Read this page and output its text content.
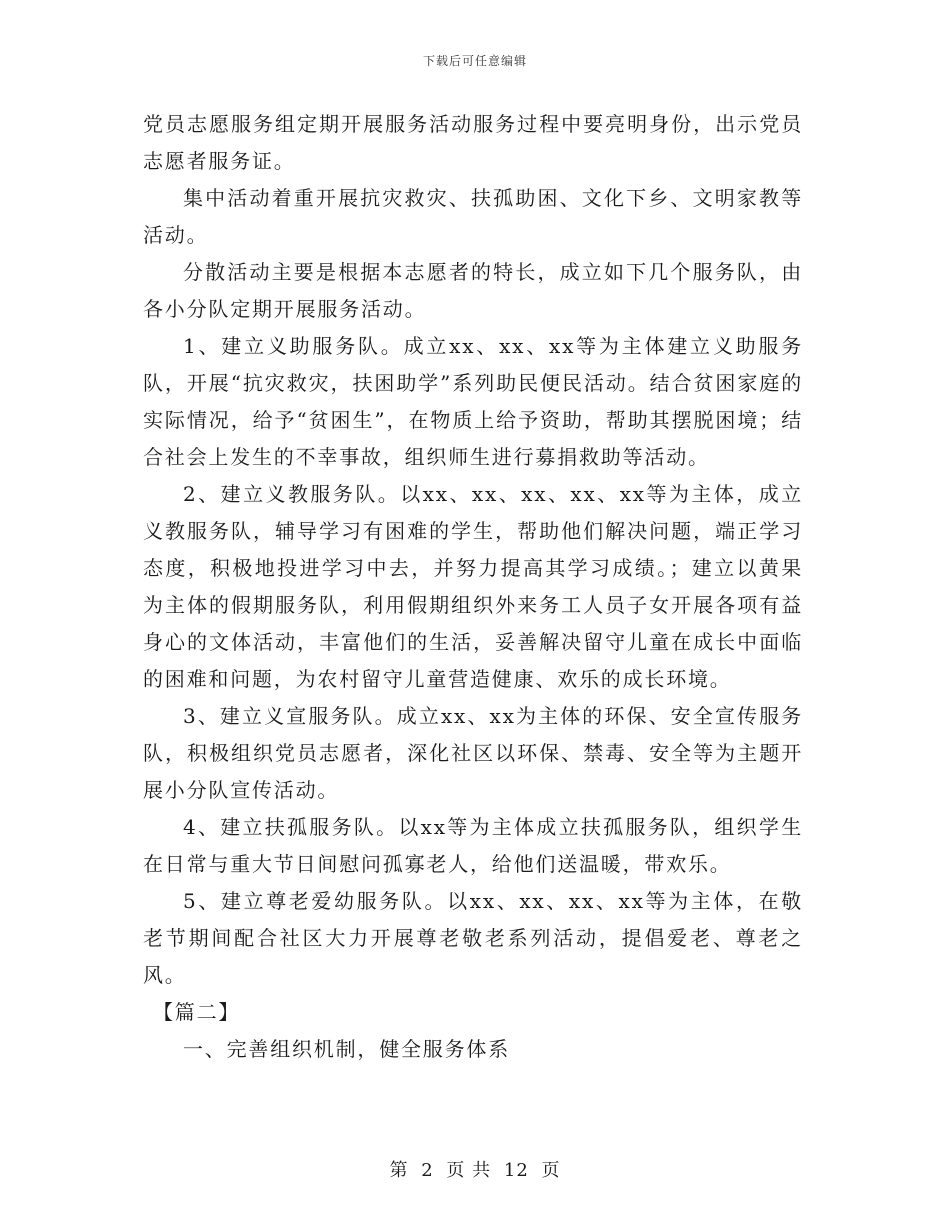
下载后可任意编辑

党员志愿服务组定期开展服务活动服务过程中要亮明身份，出示党员志愿者服务证。

集中活动着重开展抗灾救灾、扶孤助困、文化下乡、文明家教等活动。

分散活动主要是根据本志愿者的特长，成立如下几个服务队，由各小分队定期开展服务活动。

1、建立义助服务队。成立xx、xx、xx等为主体建立义助服务队，开展“抗灾救灾，扶困助学”系列助民便民活动。结合贫困家庭的实际情况，给予“贫困生”，在物质上给予资助，帮助其摆脱困境；结合社会上发生的不幸事故，组织师生进行募捐救助等活动。

2、建立义教服务队。以xx、xx、xx、xx、xx等为主体，成立义教服务队，辅导学习有困难的学生，帮助他们解决问题，端正学习态度，积极地投进学习中去，并努力提高其学习成绩。；建立以黄果为主体的假期服务队，利用假期组织外来务工人员子女开展各项有益身心的文体活动，丰富他们的生活，妥善解决留守儿童在成长中面临的困难和问题，为农村留守儿童营造健康、欢乐的成长环境。

3、建立义宣服务队。成立xx、xx为主体的环保、安全宣传服务队，积极组织党员志愿者，深化社区以环保、禁毒、安全等为主题开展小分队宣传活动。

4、建立扶孤服务队。以xx等为主体成立扶孤服务队，组织学生在日常与重大节日间慰问孤寡老人，给他们送温暖，带欢乐。

5、建立尊老爱幼服务队。以xx、xx、xx、xx等为主体，在敬老节期间配合社区大力开展尊老敬老系列活动，提倡爱老、尊老之风。

【篇二】

一、完善组织机制，健全服务体系

第 2 页 共 12 页
